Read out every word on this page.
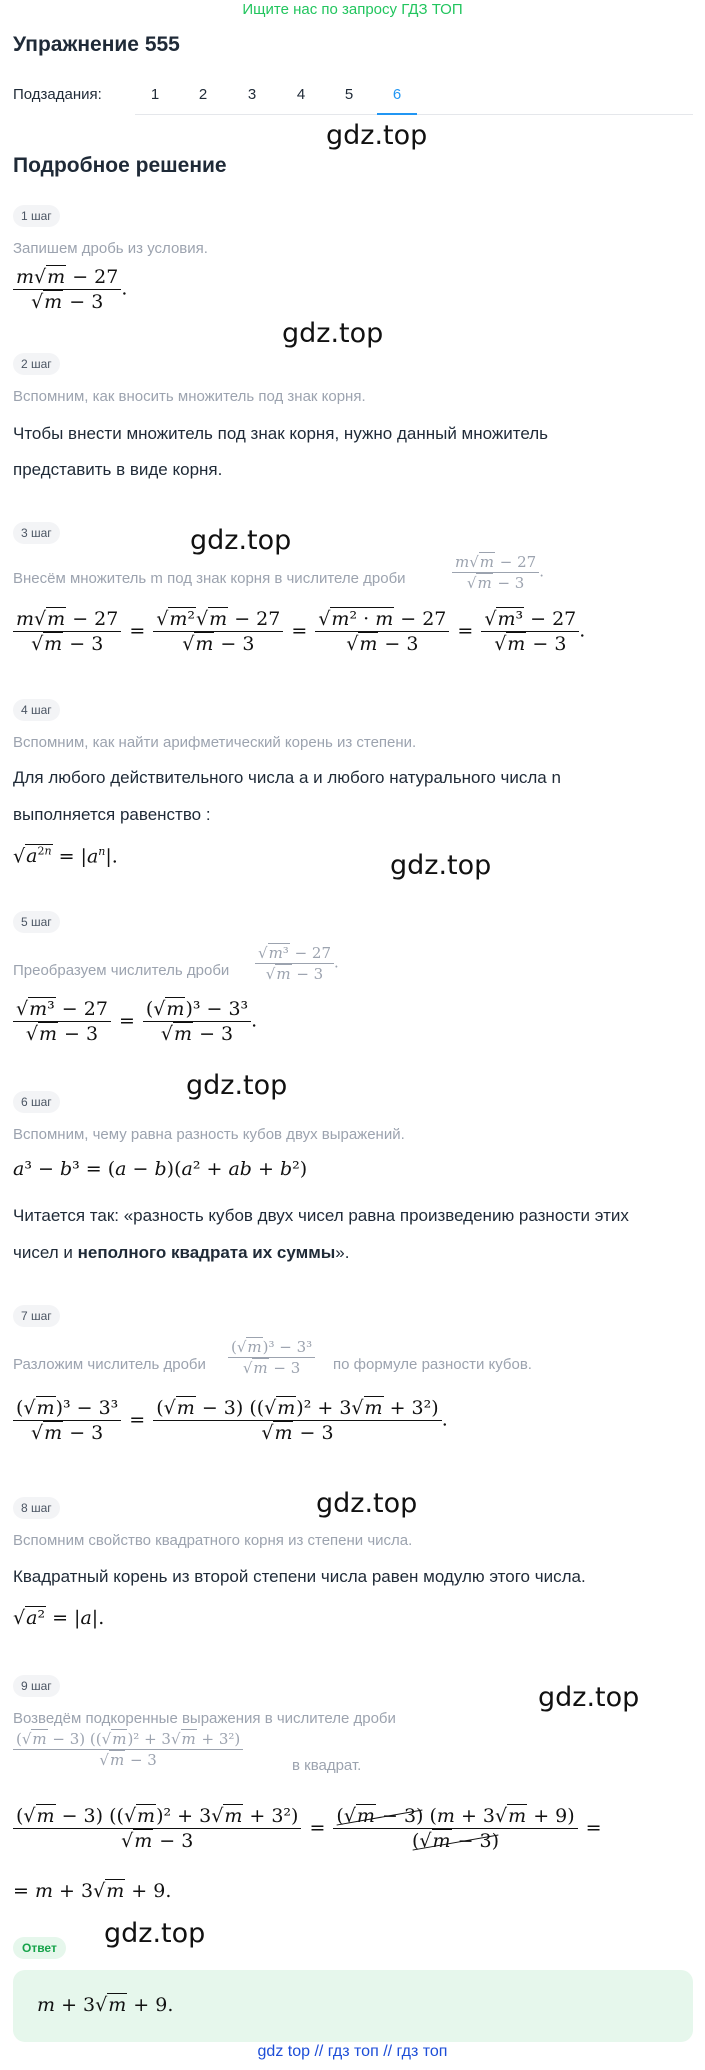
Ищите нас по запросу ГДЗ ТОП
Упражнение 555
Подзадания:	1	2	3	4	5	6
gdz.top
gdz.top
gdz.top
gdz.top
gdz.top
gdz.top
gdz.top
gdz.top
Подробное решение
1 шаг
Запишем дробь из условия.
$\frac{m√m - 27}{√m - 3}$ .
2 шаг
Вспомним, как вносить множитель под знак корня.
Чтобы внести множитель под знак корня, нужно данный множитель
представить в виде корня.
3 шаг
Внесём множитель m под знак корня в числителе дроби	$\frac{m√m - 27}{√m - 3}$ .
$\frac{m√m - 27}{√m - 3} = \frac{\text{√m²√m − 27}}{√m - 3} = \frac{\text{√m² · m − 27}}{√m - 3} = \frac{\text{√m³ − 27}}{√m - 3}$ .
4 шаг
Вспомним, как найти арифметический корень из степени.
Для любого действительного числа a и любого натурального числа n
выполняется равенство :
$√a^{2n} = |a^n|$.
5 шаг
Преобразуем числитель дроби $\frac{\text{√m³ − 27}}{√m - 3}$ .
$\frac{\text{√m³ − 27}}{√m - 3} = \frac{\text{(√m)³ − 3³}}{√m - 3}$ .
6 шаг
Вспомним, чему равна разность кубов двух выражений.
a³ − b³ = (a − b)(a² + ab + b²)
Читается так: «разность кубов двух чисел равна произведению разности этих
чисел и неполного квадрата их суммы».
7 шаг
Разложим числитель дроби $\frac{\text{(√m)³ − 3³}}{√m - 3}$ по формуле разности кубов.
$\frac{\text{(√m)³ − 3³}}{√m - 3} = \frac{\text{(√m − 3) ((√m)² + 3√m + 3²)}}{√m - 3}$ .
8 шаг
Вспомним свойство квадратного корня из степени числа.
Квадратный корень из второй степени числа равен модулю этого числа.
√a² = |a|.
9 шаг
Возведём подкоренные выражения в числителе дроби
$\frac{\text{(√m − 3) ((√m)² + 3√m + 3²)}}{√m - 3}$	в квадрат.
$\frac{\text{(√m − 3) ((√m)² + 3√m + 3²)}}{√m - 3} = \frac{(√m - 3) (m + 3√m + 9)}{(√m - 3)}$ =
= m + 3√m + 9.
Ответ
m + 3√m + 9.
gdz top // гдз топ // гдз топ
